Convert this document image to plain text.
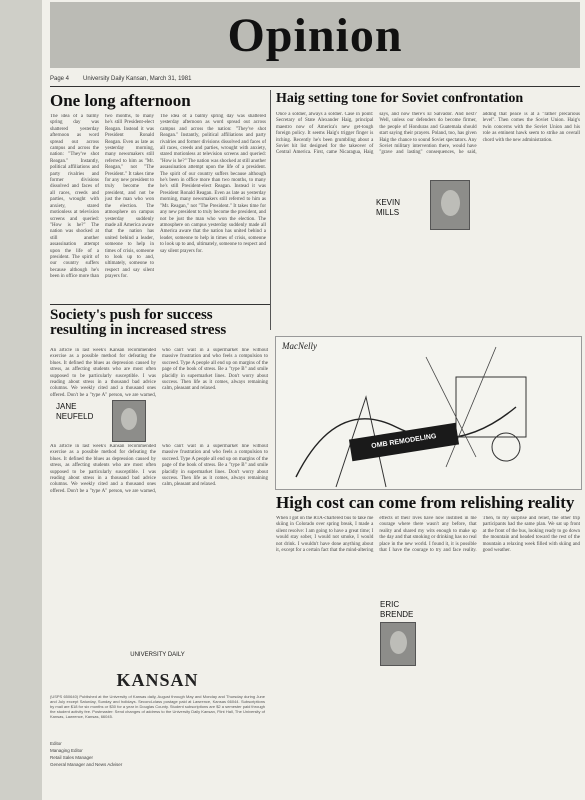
Opinion
Page 4 University Daily Kansan, March 31, 1981
One long afternoon
The idea of a balmy spring day was shattered yesterday afternoon as word spread out across campus and across the nation: "They've shot Reagan." Instantly, political affiliations and party rivalries and former divisions dissolved and faces of all races, creeds and parties, wrought with anxiety, stared motionless at television screens and queried: "How is he?" The nation was shocked at still another assassination attempt upon the life of a president. The spirit of our country suffers because although he's been in office more than two months, to many he's still President-elect Reagan. Instead it was President Ronald Reagan. Even as late as yesterday morning, many newsmakers still referred to him as "Mr. Reagan," not "The President." It takes time for any new president to truly become the president, and not be just the man who won the election. The atmosphere on campus yesterday suddenly made all America aware that the nation has united behind a leader, someone to help in times of crisis, someone to look up to and, ultimately, someone to respect and say silent prayers for.
The idea of a balmy spring day was shattered yesterday afternoon as word spread out across campus and across the nation: "They've shot Reagan." Instantly, political affiliations and party rivalries and former divisions dissolved and faces of all races, creeds and parties, wrought with anxiety, stared motionless at television screens and queried: "How is he?" The nation was shocked at still another assassination attempt upon the life of a president. The spirit of our country suffers because although he's been in office more than two months, to many he's still President-elect Reagan. Instead it was President Ronald Reagan. Even as late as yesterday morning, many newsmakers still referred to him as "Mr. Reagan," not "The President." It takes time for any new president to truly become the president, and not be just the man who won the election. The atmosphere on campus yesterday suddenly made all America aware that the nation has united behind a leader, someone to help in times of crisis, someone to look up to and, ultimately, someone to respect and say silent prayers for.
Haig setting tone for Soviet confrontation
Once a soldier, always a soldier. Case in point: Secretary of State Alexander Haig, principal maestro now of America's new get-tough foreign policy. It seems Haig's trigger finger is itching. Recently he's been grumbling about a Soviet hit list designed for the takeover of Central America. First, came Nicaragua, Haig says, and now there's El Salvador. And next? Well, unless our defenders do become firmer, the people of Honduras and Guatemala should start saying their prayers. Poland, too, has given Haig the chance to sound Soviet spectators. Any Soviet military intervention there, would have "grave and lasting" consequences, he said, adding that peace is at a "rather precarious level". Then comes the Soviet Union. Haig's twin concerns with the Soviet Union and his role as eminent hawk seem to strike an overall chord with the new administration.
KEVIN
MILLS
Society's push for success resulting in increased stress
An article in last week's Kansan recommended exercise as a possible method for defeating the blues. It defined the blues as depression caused by stress, as affecting students who are most often supposed to be particularly susceptible. I was reading about stress in a thousand bad advice columns. We weekly cited and a thousand ones offered. Don't be a "type A" person, we are warned, who can't wait in a supermarket line without massive frustration and who feels a compulsion to succeed. Type A people all end up on margins of the page of the book of stress. Be a "type B" and smile placidly in supermarket lines. Don't worry about success. Then life as it comes, always remaining calm, pleasant and relaxed.
JANE
NEUFELD
An article in last week's Kansan recommended exercise as a possible method for defeating the blues. It defined the blues as depression caused by stress, as affecting students who are most often supposed to be particularly susceptible. I was reading about stress in a thousand bad advice columns. We weekly cited and a thousand ones offered. Don't be a "type A" person, we are warned, who can't wait in a supermarket line without massive frustration and who feels a compulsion to succeed. Type A people all end up on margins of the page of the book of stress. Be a "type B" and smile placidly in supermarket lines. Don't worry about success. Then life as it comes, always remaining calm, pleasant and relaxed.
MacNelly
OMB REMODELING
High cost can come from relishing reality
When I got on the RTA-chartered bus to take me skiing in Colorado over spring break, I made a silent resolve: I am going to have a great time; I would stay sober, I would not smoke, I would not drink. I wouldn't have done anything about it, except for a certain fact that the mind-altering effects of their lives have now instilled in me courage where there wasn't any before, that reality and shared my wits enough to make up the day and that smoking or drinking has no real place in the new world. I found it, it is possible that I have the courage to try and face reality. Then, to my surprise and relief, the other trip participants had the same plan. We sat up front at the front of the bus, looking ready to go down the mountain and headed toward the rest of the mountain a relaxing week filled with skiing and good weather.
ERIC
BRENDE
UNIVERSITY DAILY
KANSAN
(USPS 650640) Published at the University of Kansas daily, August through May and Monday and Thursday during June and July except Saturday, Sunday and holidays. Second-class postage paid at Lawrence, Kansas 66044. Subscriptions by mail are $18 for six months or $30 for a year in Douglas County. Student subscriptions are $2 a semester paid through the student activity fee. Postmaster: Send changes of address to the University Daily Kansan, Flint Hall, The University of Kansas, Lawrence, Kansas, 66045.
Editor
Managing Editor
Retail Sales Manager
General Manager and News Adviser
